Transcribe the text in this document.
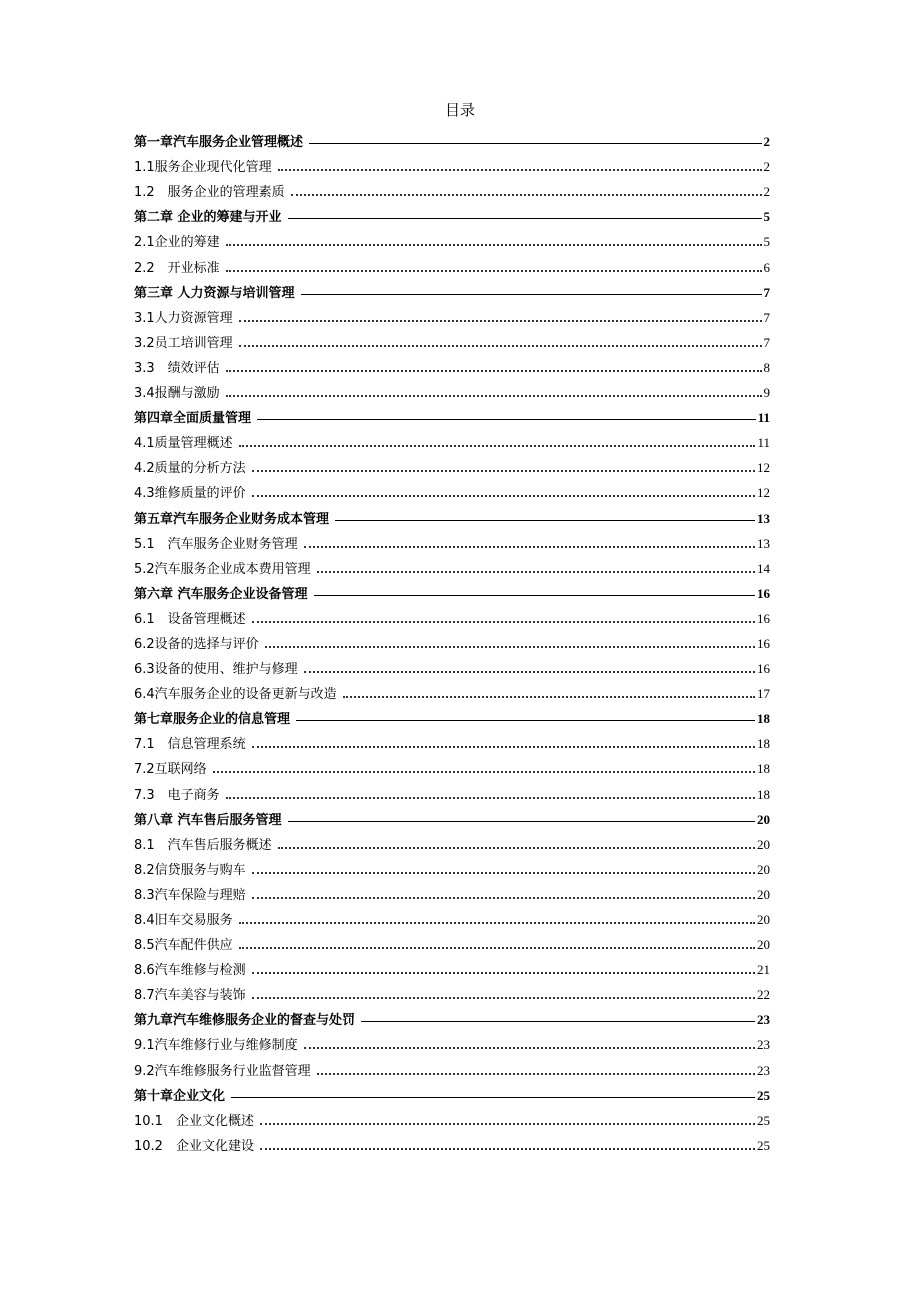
目录
第一章汽车服务企业管理概述	2
1.1服务企业现代化管理	2
1.2　服务企业的管理素质	2
第二章 企业的筹建与开业	5
2.1企业的筹建	5
2.2　开业标准	6
第三章 人力资源与培训管理	7
3.1人力资源管理	7
3.2员工培训管理	7
3.3　绩效评估	8
3.4报酬与激励	9
第四章全面质量管理	11
4.1质量管理概述	11
4.2质量的分析方法	12
4.3维修质量的评价	12
第五章汽车服务企业财务成本管理	13
5.1　汽车服务企业财务管理	13
5.2汽车服务企业成本费用管理	14
第六章 汽车服务企业设备管理	16
6.1　设备管理概述	16
6.2设备的选择与评价	16
6.3设备的使用、维护与修理	16
6.4汽车服务企业的设备更新与改造	17
第七章服务企业的信息管理	18
7.1　信息管理系统	18
7.2互联网络	18
7.3　电子商务	18
第八章 汽车售后服务管理	20
8.1　汽车售后服务概述	20
8.2信贷服务与购车	20
8.3汽车保险与理赔	20
8.4旧车交易服务	20
8.5汽车配件供应	20
8.6汽车维修与检测	21
8.7汽车美容与装饰	22
第九章汽车维修服务企业的督查与处罚	23
9.1汽车维修行业与维修制度	23
9.2汽车维修服务行业监督管理	23
第十章企业文化	25
10.1　企业文化概述	25
10.2　企业文化建设	25
